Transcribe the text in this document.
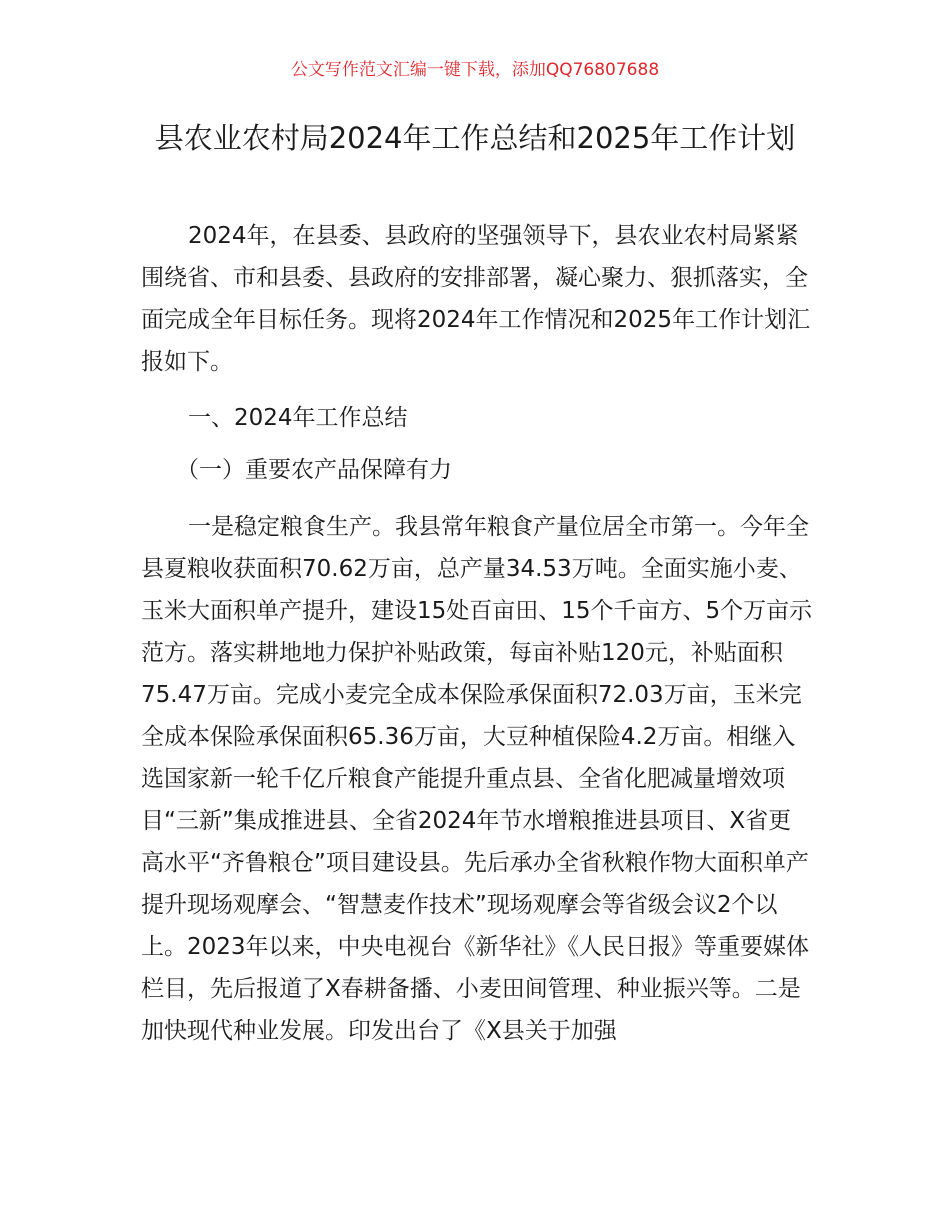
公文写作范文汇编一键下载，添加QQ76807688
县农业农村局2024年工作总结和2025年工作计划

2024年，在县委、县政府的坚强领导下，县农业农村局紧紧围绕省、市和县委、县政府的安排部署，凝心聚力、狠抓落实，全面完成全年目标任务。现将2024年工作情况和2025年工作计划汇报如下。

一、2024年工作总结

（一）重要农产品保障有力

一是稳定粮食生产。我县常年粮食产量位居全市第一。今年全县夏粮收获面积70.62万亩，总产量34.53万吨。全面实施小麦、玉米大面积单产提升，建设15处百亩田、15个千亩方、5个万亩示范方。落实耕地地力保护补贴政策，每亩补贴120元，补贴面积75.47万亩。完成小麦完全成本保险承保面积72.03万亩，玉米完全成本保险承保面积65.36万亩，大豆种植保险4.2万亩。相继入选国家新一轮千亿斤粮食产能提升重点县、全省化肥减量增效项目“三新”集成推进县、全省2024年节水增粮推进县项目、X省更高水平“齐鲁粮仓”项目建设县。先后承办全省秋粮作物大面积单产提升现场观摩会、“智慧麦作技术”现场观摩会等省级会议2个以上。2023年以来，中央电视台《新华社》《人民日报》等重要媒体栏目，先后报道了X春耕备播、小麦田间管理、种业振兴等。二是加快现代种业发展。印发出台了《X县关于加强
